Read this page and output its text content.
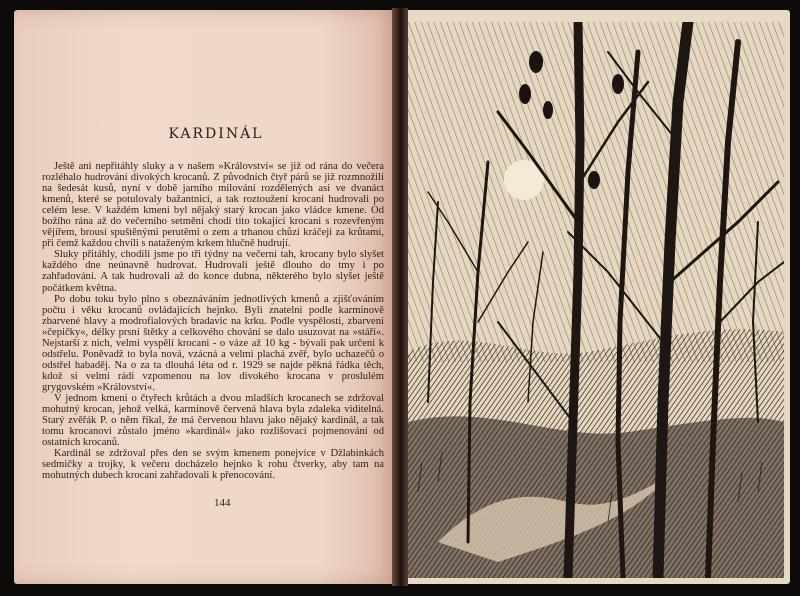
KARDINÁL

Ještě ani nepřitáhly sluky a v našem »Království« se již od rána do večera rozléhalo hudrování divokých krocanů. Z původních čtyř párů se již rozmnožili na šedesát kusů, nyní v době jarního milování rozdělených asi ve dvanáct kmenů, které se potulovaly bažantnicí, a tak roztoužení krocani hudrovali po celém lese. V každém kmeni byl nějaký starý krocan jako vládce kmene. Od božího rána až do večerního setmění chodí tito tokající krocani s rozevřeným vějířem, brousí spuštěnými perutěmi o zem a trhanou chůzí kráčejí za krůtami, při čemž každou chvíli s nataženým krkem hlučně hudrují.

Sluky přitáhly, chodili jsme po tři týdny na večerní tah, krocany bylo slyšet každého dne neúnavně hudrovat. Hudrovali ještě dlouho do tmy i po zahřadování. A tak hudrovali až do konce dubna, některého bylo slyšet ještě počátkem května.

Po dobu toku bylo plno s obeznáváním jednotlivých kmenů a zjišťováním počtu i věku krocanů ovládajících hejnko. Byli znatelni podle karmínově zbarvené hlavy a modrofialových bradavic na krku. Podle vyspělosti, zbarvení »čepičky«, délky prsní štětky a celkového chování se dalo usuzovat na »stáří«. Nejstarší z nich, velmi vyspělí krocani - o váze až 10 kg - bývali pak určeni k odstřelu. Poněvadž to byla nová, vzácná a velmi plachá zvěř, bylo uchazečů o odstřel habaděj. Na o za ta dlouhá léta od r. 1929 se najde pěkná řádka těch, kdož si velmi rádi vzpomenou na lov divokého krocana v proslulém grygovském »Království«.

V jednom kmeni o čtyřech krůtách a dvou mladších krocanech se zdržoval mohutný krocan, jehož velká, karmínově červená hlava byla zdaleka viditelná. Starý zvěřák P. o něm říkal, že má červenou hlavu jako nějaký kardinál, a tak tomu krocanovi zůstalo jméno »kardinál« jako rozlišovací pojmenování od ostatních krocanů.

Kardinál se zdržoval přes den se svým kmenem ponejvíce v Džlabinkách sedmičky a trojky, k večeru docházelo hejnko k rohu čtverky, aby tam na mohutných dubech krocani zahřadovali k přenocování.

144
